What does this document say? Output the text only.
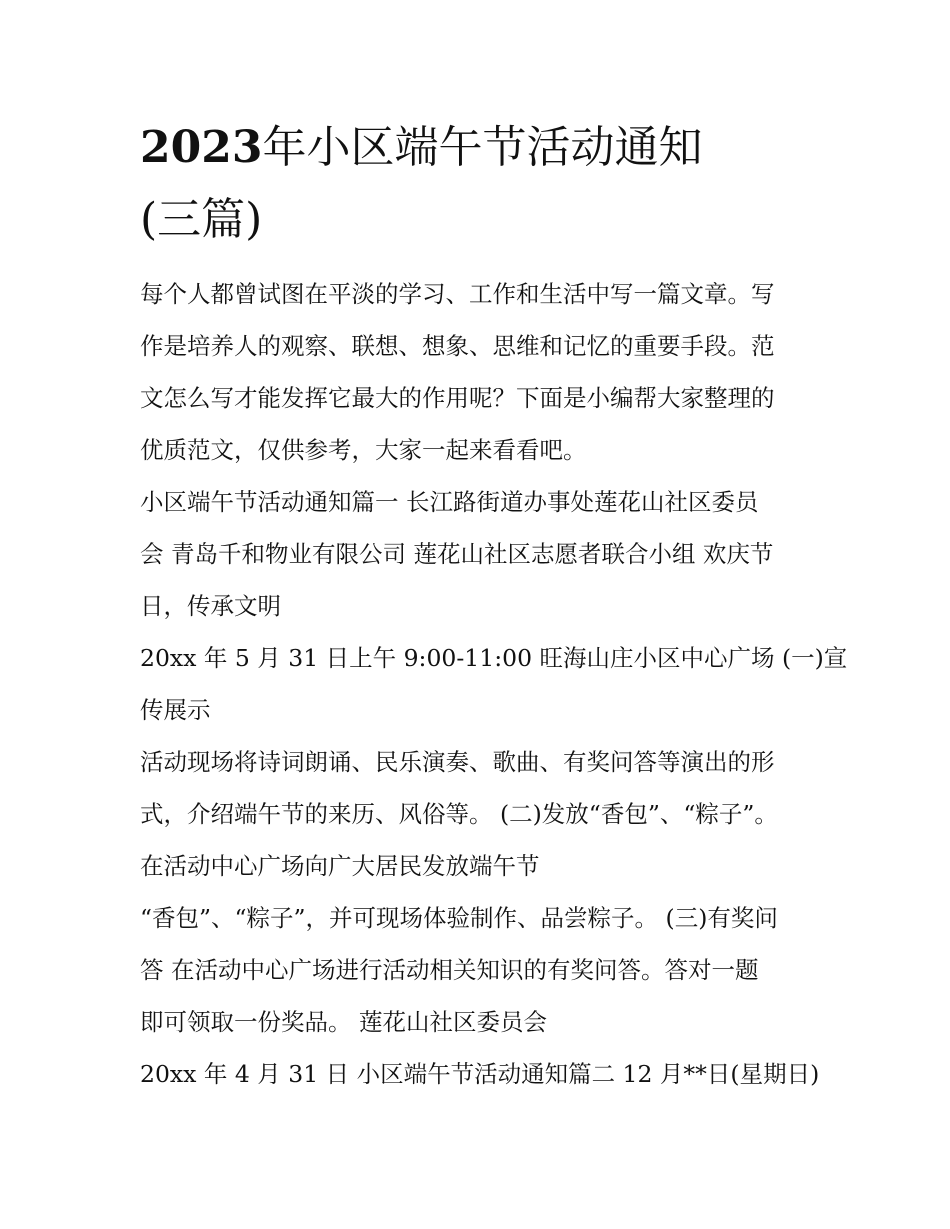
2023年小区端午节活动通知
(三篇)

每个人都曾试图在平淡的学习、工作和生活中写一篇文章。写
作是培养人的观察、联想、想象、思维和记忆的重要手段。范
文怎么写才能发挥它最大的作用呢？下面是小编帮大家整理的
优质范文，仅供参考，大家一起来看看吧。

小区端午节活动通知篇一 长江路街道办事处莲花山社区委员
会 青岛千和物业有限公司 莲花山社区志愿者联合小组 欢庆节
日，传承文明

20xx 年 5 月 31 日上午 9:00-11:00 旺海山庄小区中心广场 (一)宣
传展示

活动现场将诗词朗诵、民乐演奏、歌曲、有奖问答等演出的形
式，介绍端午节的来历、风俗等。 (二)发放“香包”、“粽子”。
在活动中心广场向广大居民发放端午节

“香包”、“粽子”，并可现场体验制作、品尝粽子。 (三)有奖问
答 在活动中心广场进行活动相关知识的有奖问答。答对一题
即可领取一份奖品。 莲花山社区委员会

20xx 年 4 月 31 日 小区端午节活动通知篇二 12 月**日(星期日)
